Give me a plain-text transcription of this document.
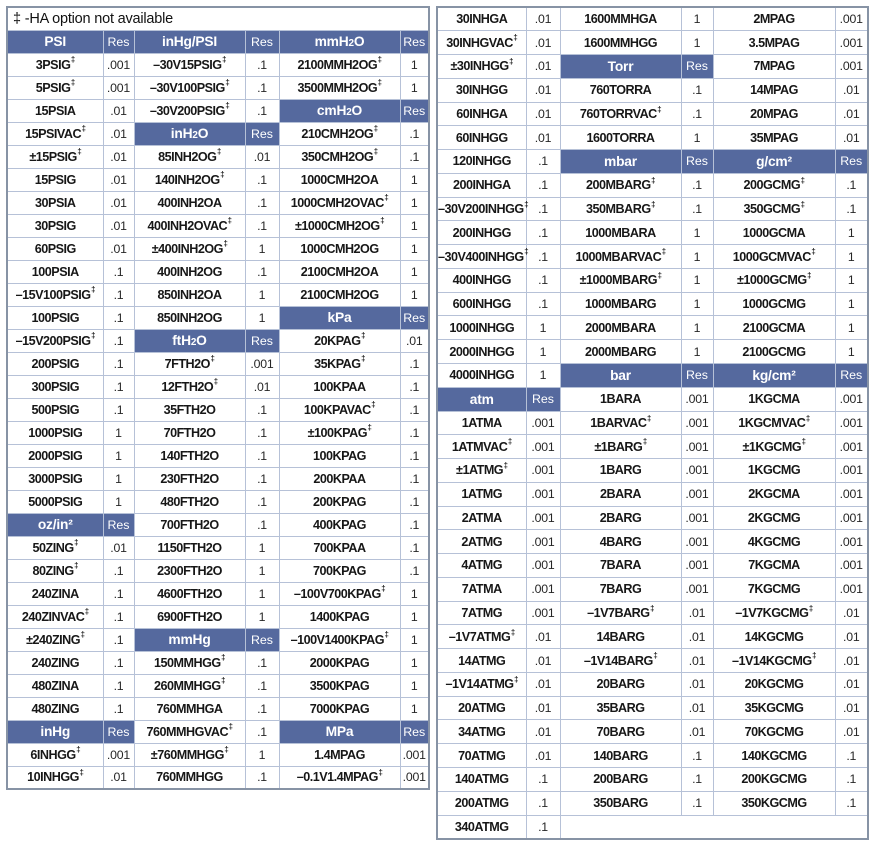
‡ -HA option not available					
PSI	Res	inHg/PSI	Res	mmH2O	Res
3PSIG‡	.001	–30V15PSIG‡	.1	2100MMH2OG‡	1
5PSIG‡	.001	–30V100PSIG‡	.1	3500MMH2OG‡	1
15PSIA	.01	–30V200PSIG‡	.1	cmH2O	Res
15PSIVAC‡	.01	inH2O	Res	210CMH2OG‡	.1
±15PSIG‡	.01	85INH2OG‡	.01	350CMH2OG‡	.1
15PSIG	.01	140INH2OG‡	.1	1000CMH2OA	1
30PSIA	.01	400INH2OA	.1	1000CMH2OVAC‡	1
30PSIG	.01	400INH2OVAC‡	.1	±1000CMH2OG‡	1
60PSIG	.01	±400INH2OG‡	1	1000CMH2OG	1
100PSIA	.1	400INH2OG	.1	2100CMH2OA	1
–15V100PSIG‡	.1	850INH2OA	1	2100CMH2OG	1
100PSIG	.1	850INH2OG	1	kPa	Res
–15V200PSIG‡	.1	ftH2O	Res	20KPAG‡	.01
200PSIG	.1	7FTH2O‡	.001	35KPAG‡	.1
300PSIG	.1	12FTH2O‡	.01	100KPAA	.1
500PSIG	.1	35FTH2O	.1	100KPAVAC‡	.1
1000PSIG	1	70FTH2O	.1	±100KPAG‡	.1
2000PSIG	1	140FTH2O	.1	100KPAG	.1
3000PSIG	1	230FTH2O	.1	200KPAA	.1
5000PSIG	1	480FTH2O	.1	200KPAG	.1
oz/in²	Res	700FTH2O	.1	400KPAG	.1
50ZING‡	.01	1150FTH2O	1	700KPAA	.1
80ZING‡	.1	2300FTH2O	1	700KPAG	.1
240ZINA	.1	4600FTH2O	1	–100V700KPAG‡	1
240ZINVAC‡	.1	6900FTH2O	1	1400KPAG	1
±240ZING‡	.1	mmHg	Res	–100V1400KPAG‡	1
240ZING	.1	150MMHGG‡	.1	2000KPAG	1
480ZINA	.1	260MMHGG‡	.1	3500KPAG	1
480ZING	.1	760MMHGA	.1	7000KPAG	1
inHg	Res	760MMHGVAC‡	.1	MPa	Res
6INHGG‡	.001	±760MMHGG‡	1	1.4MPAG	.001
10INHGG‡	.01	760MMHGG	.1	–0.1V1.4MPAG‡	.001
30INHGA	.01	1600MMHGA	1	2MPAG	.001
30INHGVAC‡	.01	1600MMHGG	1	3.5MPAG	.001
±30INHGG‡	.01	Torr	Res	7MPAG	.001
30INHGG	.01	760TORRA	.1	14MPAG	.01
60INHGA	.01	760TORRVAC‡	.1	20MPAG	.01
60INHGG	.01	1600TORRA	1	35MPAG	.01
120INHGG	.1	mbar	Res	g/cm²	Res
200INHGA	.1	200MBARG‡	.1	200GCMG‡	.1
–30V200INHGG‡	.1	350MBARG‡	.1	350GCMG‡	.1
200INHGG	.1	1000MBARA	1	1000GCMA	1
–30V400INHGG‡	.1	1000MBARVAC‡	1	1000GCMVAC‡	1
400INHGG	.1	±1000MBARG‡	1	±1000GCMG‡	1
600INHGG	.1	1000MBARG	1	1000GCMG	1
1000INHGG	1	2000MBARA	1	2100GCMA	1
2000INHGG	1	2000MBARG	1	2100GCMG	1
4000INHGG	1	bar	Res	kg/cm²	Res
atm	Res	1BARA	.001	1KGCMA	.001
1ATMA	.001	1BARVAC‡	.001	1KGCMVAC‡	.001
1ATMVAC‡	.001	±1BARG‡	.001	±1KGCMG‡	.001
±1ATMG‡	.001	1BARG	.001	1KGCMG	.001
1ATMG	.001	2BARA	.001	2KGCMA	.001
2ATMA	.001	2BARG	.001	2KGCMG	.001
2ATMG	.001	4BARG	.001	4KGCMG	.001
4ATMG	.001	7BARA	.001	7KGCMA	.001
7ATMA	.001	7BARG	.001	7KGCMG	.001
7ATMG	.001	–1V7BARG‡	.01	–1V7KGCMG‡	.01
–1V7ATMG‡	.01	14BARG	.01	14KGCMG	.01
14ATMG	.01	–1V14BARG‡	.01	–1V14KGCMG‡	.01
–1V14ATMG‡	.01	20BARG	.01	20KGCMG	.01
20ATMG	.01	35BARG	.01	35KGCMG	.01
34ATMG	.01	70BARG	.01	70KGCMG	.01
70ATMG	.01	140BARG	.1	140KGCMG	.1
140ATMG	.1	200BARG	.1	200KGCMG	.1
200ATMG	.1	350BARG	.1	350KGCMG	.1
340ATMG	.1				
